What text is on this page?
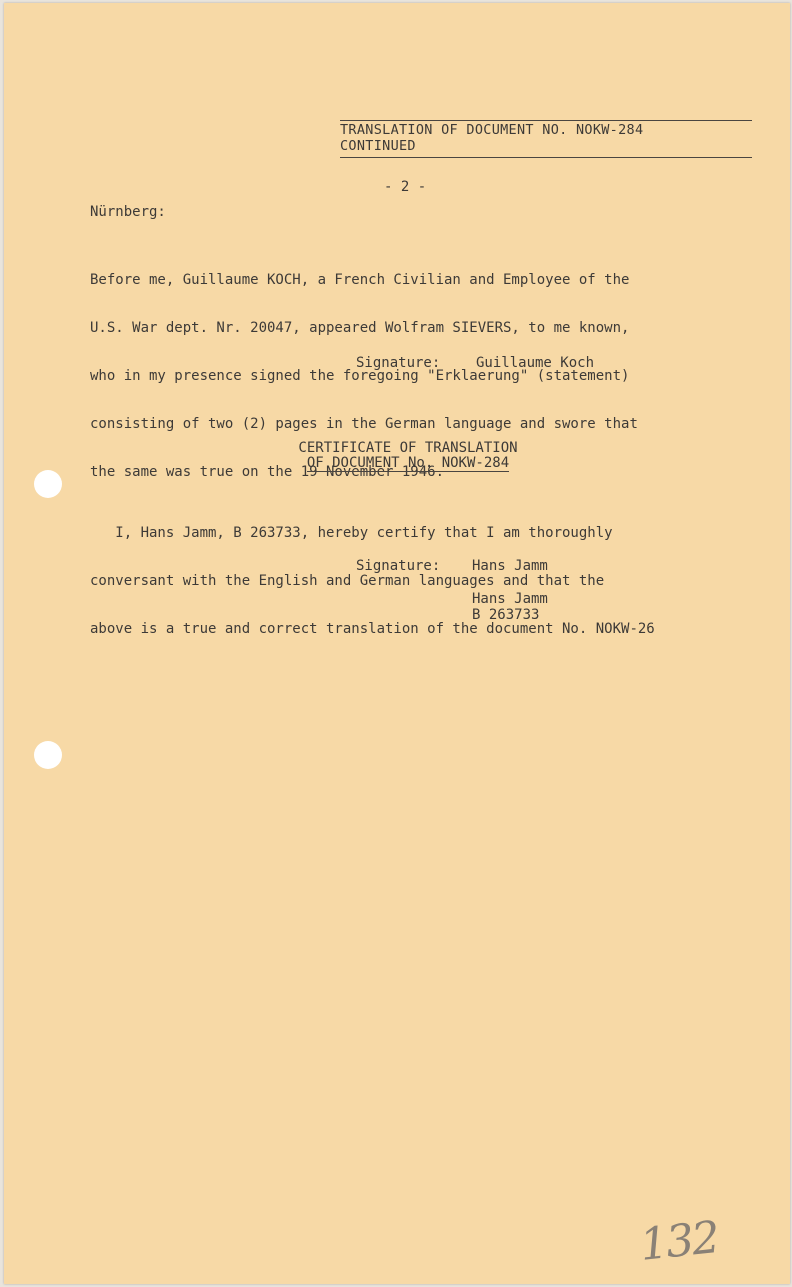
TRANSLATION OF DOCUMENT NO. NOKW-284
CONTINUED
- 2 -
Nürnberg:

Before me, Guillaume KOCH, a French Civilian and Employee of the

U.S. War dept. Nr. 20047, appeared Wolfram SIEVERS, to me known,

who in my presence signed the foregoing "Erklaerung" (statement)

consisting of two (2) pages in the German language and swore that

the same was true on the 19 November 1946.

Signature:	Guillaume Koch
CERTIFICATE OF TRANSLATION
OF DOCUMENT No. NOKW-284

I, Hans Jamm, B 263733, hereby certify that I am thoroughly

conversant with the English and German languages and that the

above is a true and correct translation of the document No. NOKW-26

Signature: Hans Jamm
Hans Jamm
B 263733
132
